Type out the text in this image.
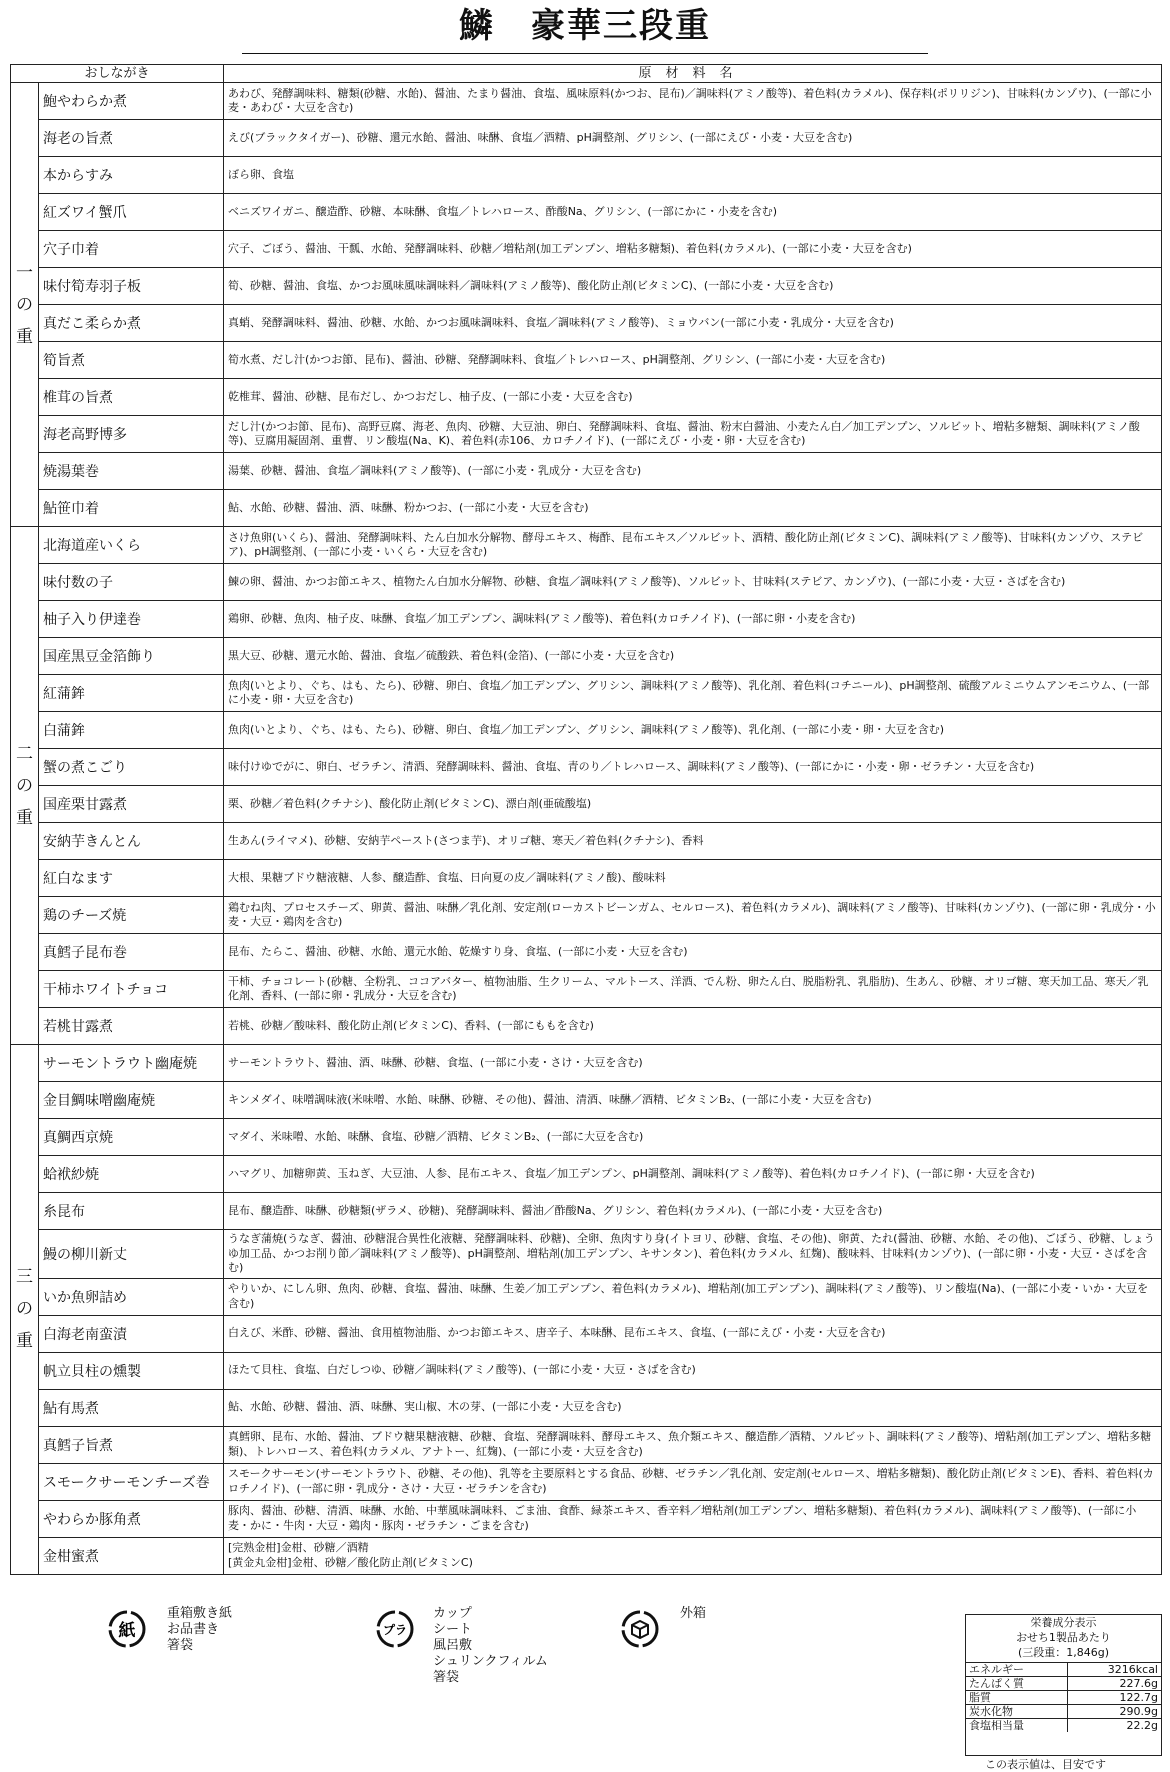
鱗　豪華三段重
おしながき		原材料名
一の重	鮑やわらか煮	あわび、発酵調味料、糖類(砂糖、水飴)、醤油、たまり醤油、食塩、風味原料(かつお、昆布)／調味料(アミノ酸等)、着色料(カラメル)、保存料(ポリリジン)、甘味料(カンゾウ)、(一部に小麦・あわび・大豆を含む)
	海老の旨煮	えび(ブラックタイガー)、砂糖、還元水飴、醤油、味醂、食塩／酒精、pH調整剤、グリシン、(一部にえび・小麦・大豆を含む)
	本からすみ	ぼら卵、食塩
	紅ズワイ蟹爪	ベニズワイガニ、醸造酢、砂糖、本味醂、食塩／トレハロース、酢酸Na、グリシン、(一部にかに・小麦を含む)
	穴子巾着	穴子、ごぼう、醤油、干瓢、水飴、発酵調味料、砂糖／増粘剤(加工デンプン、増粘多糖類)、着色料(カラメル)、(一部に小麦・大豆を含む)
	味付筍寿羽子板	筍、砂糖、醤油、食塩、かつお風味風味調味料／調味料(アミノ酸等)、酸化防止剤(ビタミンC)、(一部に小麦・大豆を含む)
	真だこ柔らか煮	真蛸、発酵調味料、醤油、砂糖、水飴、かつお風味調味料、食塩／調味料(アミノ酸等)、ミョウバン(一部に小麦・乳成分・大豆を含む)
	筍旨煮	筍水煮、だし汁(かつお節、昆布)、醤油、砂糖、発酵調味料、食塩／トレハロース、pH調整剤、グリシン、(一部に小麦・大豆を含む)
	椎茸の旨煮	乾椎茸、醤油、砂糖、昆布だし、かつおだし、柚子皮、(一部に小麦・大豆を含む)
	海老高野博多	だし汁(かつお節、昆布)、高野豆腐、海老、魚肉、砂糖、大豆油、卵白、発酵調味料、食塩、醤油、粉末白醤油、小麦たん白／加工デンプン、ソルビット、増粘多糖類、調味料(アミノ酸等)、豆腐用凝固剤、重曹、リン酸塩(Na、K)、着色料(赤106、カロチノイド)、(一部にえび・小麦・卵・大豆を含む)
	焼湯葉巻	湯葉、砂糖、醤油、食塩／調味料(アミノ酸等)、(一部に小麦・乳成分・大豆を含む)
	鮎笹巾着	鮎、水飴、砂糖、醤油、酒、味醂、粉かつお、(一部に小麦・大豆を含む)
二の重	北海道産いくら	さけ魚卵(いくら)、醤油、発酵調味料、たん白加水分解物、酵母エキス、梅酢、昆布エキス／ソルビット、酒精、酸化防止剤(ビタミンC)、調味料(アミノ酸等)、甘味料(カンゾウ、ステビア)、pH調整剤、(一部に小麦・いくら・大豆を含む)
	味付数の子	鰊の卵、醤油、かつお節エキス、植物たん白加水分解物、砂糖、食塩／調味料(アミノ酸等)、ソルビット、甘味料(ステビア、カンゾウ)、(一部に小麦・大豆・さばを含む)
	柚子入り伊達巻	鶏卵、砂糖、魚肉、柚子皮、味醂、食塩／加工デンプン、調味料(アミノ酸等)、着色料(カロチノイド)、(一部に卵・小麦を含む)
	国産黒豆金箔飾り	黒大豆、砂糖、還元水飴、醤油、食塩／硫酸鉄、着色料(金箔)、(一部に小麦・大豆を含む)
	紅蒲鉾	魚肉(いとより、ぐち、はも、たら)、砂糖、卵白、食塩／加工デンプン、グリシン、調味料(アミノ酸等)、乳化剤、着色料(コチニール)、pH調整剤、硫酸アルミニウムアンモニウム、(一部に小麦・卵・大豆を含む)
	白蒲鉾	魚肉(いとより、ぐち、はも、たら)、砂糖、卵白、食塩／加工デンプン、グリシン、調味料(アミノ酸等)、乳化剤、(一部に小麦・卵・大豆を含む)
	蟹の煮こごり	味付けゆでがに、卵白、ゼラチン、清酒、発酵調味料、醤油、食塩、青のり／トレハロース、調味料(アミノ酸等)、(一部にかに・小麦・卵・ゼラチン・大豆を含む)
	国産栗甘露煮	栗、砂糖／着色料(クチナシ)、酸化防止剤(ビタミンC)、漂白剤(亜硫酸塩)
	安納芋きんとん	生あん(ライマメ)、砂糖、安納芋ペースト(さつま芋)、オリゴ糖、寒天／着色料(クチナシ)、香料
	紅白なます	大根、果糖ブドウ糖液糖、人参、醸造酢、食塩、日向夏の皮／調味料(アミノ酸)、酸味料
	鶏のチーズ焼	鶏むね肉、プロセスチーズ、卵黄、醤油、味醂／乳化剤、安定剤(ローカストビーンガム、セルロース)、着色料(カラメル)、調味料(アミノ酸等)、甘味料(カンゾウ)、(一部に卵・乳成分・小麦・大豆・鶏肉を含む)
	真鱈子昆布巻	昆布、たらこ、醤油、砂糖、水飴、還元水飴、乾燥すり身、食塩、(一部に小麦・大豆を含む)
	干柿ホワイトチョコ	干柿、チョコレート(砂糖、全粉乳、ココアバター、植物油脂、生クリーム、マルトース、洋酒、でん粉、卵たん白、脱脂粉乳、乳脂肪)、生あん、砂糖、オリゴ糖、寒天加工品、寒天／乳化剤、香料、(一部に卵・乳成分・大豆を含む)
	若桃甘露煮	若桃、砂糖／酸味料、酸化防止剤(ビタミンC)、香料、(一部にももを含む)
三の重	サーモントラウト幽庵焼	サーモントラウト、醤油、酒、味醂、砂糖、食塩、(一部に小麦・さけ・大豆を含む)
	金目鯛味噌幽庵焼	キンメダイ、味噌調味液(米味噌、水飴、味醂、砂糖、その他)、醤油、清酒、味醂／酒精、ビタミンB₂、(一部に小麦・大豆を含む)
	真鯛西京焼	マダイ、米味噌、水飴、味醂、食塩、砂糖／酒精、ビタミンB₂、(一部に大豆を含む)
	蛤袱紗焼	ハマグリ、加糖卵黄、玉ねぎ、大豆油、人参、昆布エキス、食塩／加工デンプン、pH調整剤、調味料(アミノ酸等)、着色料(カロチノイド)、(一部に卵・大豆を含む)
	糸昆布	昆布、醸造酢、味醂、砂糖類(ザラメ、砂糖)、発酵調味料、醤油／酢酸Na、グリシン、着色料(カラメル)、(一部に小麦・大豆を含む)
	鰻の柳川新丈	うなぎ蒲焼(うなぎ、醤油、砂糖混合異性化液糖、発酵調味料、砂糖)、全卵、魚肉すり身(イトヨリ、砂糖、食塩、その他)、卵黄、たれ(醤油、砂糖、水飴、その他)、ごぼう、砂糖、しょうゆ加工品、かつお削り節／調味料(アミノ酸等)、pH調整剤、増粘剤(加工デンプン、キサンタン)、着色料(カラメル、紅麹)、酸味料、甘味料(カンゾウ)、(一部に卵・小麦・大豆・さばを含む)
	いか魚卵詰め	やりいか、にしん卵、魚肉、砂糖、食塩、醤油、味醂、生姜／加工デンプン、着色料(カラメル)、増粘剤(加工デンプン)、調味料(アミノ酸等)、リン酸塩(Na)、(一部に小麦・いか・大豆を含む)
	白海老南蛮漬	白えび、米酢、砂糖、醤油、食用植物油脂、かつお節エキス、唐辛子、本味醂、昆布エキス、食塩、(一部にえび・小麦・大豆を含む)
	帆立貝柱の燻製	ほたて貝柱、食塩、白だしつゆ、砂糖／調味料(アミノ酸等)、(一部に小麦・大豆・さばを含む)
	鮎有馬煮	鮎、水飴、砂糖、醤油、酒、味醂、実山椒、木の芽、(一部に小麦・大豆を含む)
	真鱈子旨煮	真鱈卵、昆布、水飴、醤油、ブドウ糖果糖液糖、砂糖、食塩、発酵調味料、酵母エキス、魚介類エキス、醸造酢／酒精、ソルビット、調味料(アミノ酸等)、増粘剤(加工デンプン、増粘多糖類)、トレハロース、着色料(カラメル、アナトー、紅麹)、(一部に小麦・大豆を含む)
	スモークサーモンチーズ巻	スモークサーモン(サーモントラウト、砂糖、その他)、乳等を主要原料とする食品、砂糖、ゼラチン／乳化剤、安定剤(セルロース、増粘多糖類)、酸化防止剤(ビタミンE)、香料、着色料(カロチノイド)、(一部に卵・乳成分・さけ・大豆・ゼラチンを含む)
	やわらか豚角煮	豚肉、醤油、砂糖、清酒、味醂、水飴、中華風味調味料、ごま油、食酢、緑茶エキス、香辛料／増粘剤(加工デンプン、増粘多糖類)、着色料(カラメル)、調味料(アミノ酸等)、(一部に小麦・かに・牛肉・大豆・鶏肉・豚肉・ゼラチン・ごまを含む)
	金柑蜜煮	[完熟金柑]金柑、砂糖／酒精
[黄金丸金柑]金柑、砂糖／酸化防止剤(ビタミンC)
紙
重箱敷き紙
お品書き
箸袋
プラ
カップ
シート
風呂敷
シュリンクフィルム
箸袋
外箱
栄養成分表示
おせち1製品あたり
(三段重：1,846g)
エネルギー	3216kcal
たんぱく質	227.6g
脂質	122.7g
炭水化物	290.9g
食塩相当量	22.2g
この表示値は、目安です
